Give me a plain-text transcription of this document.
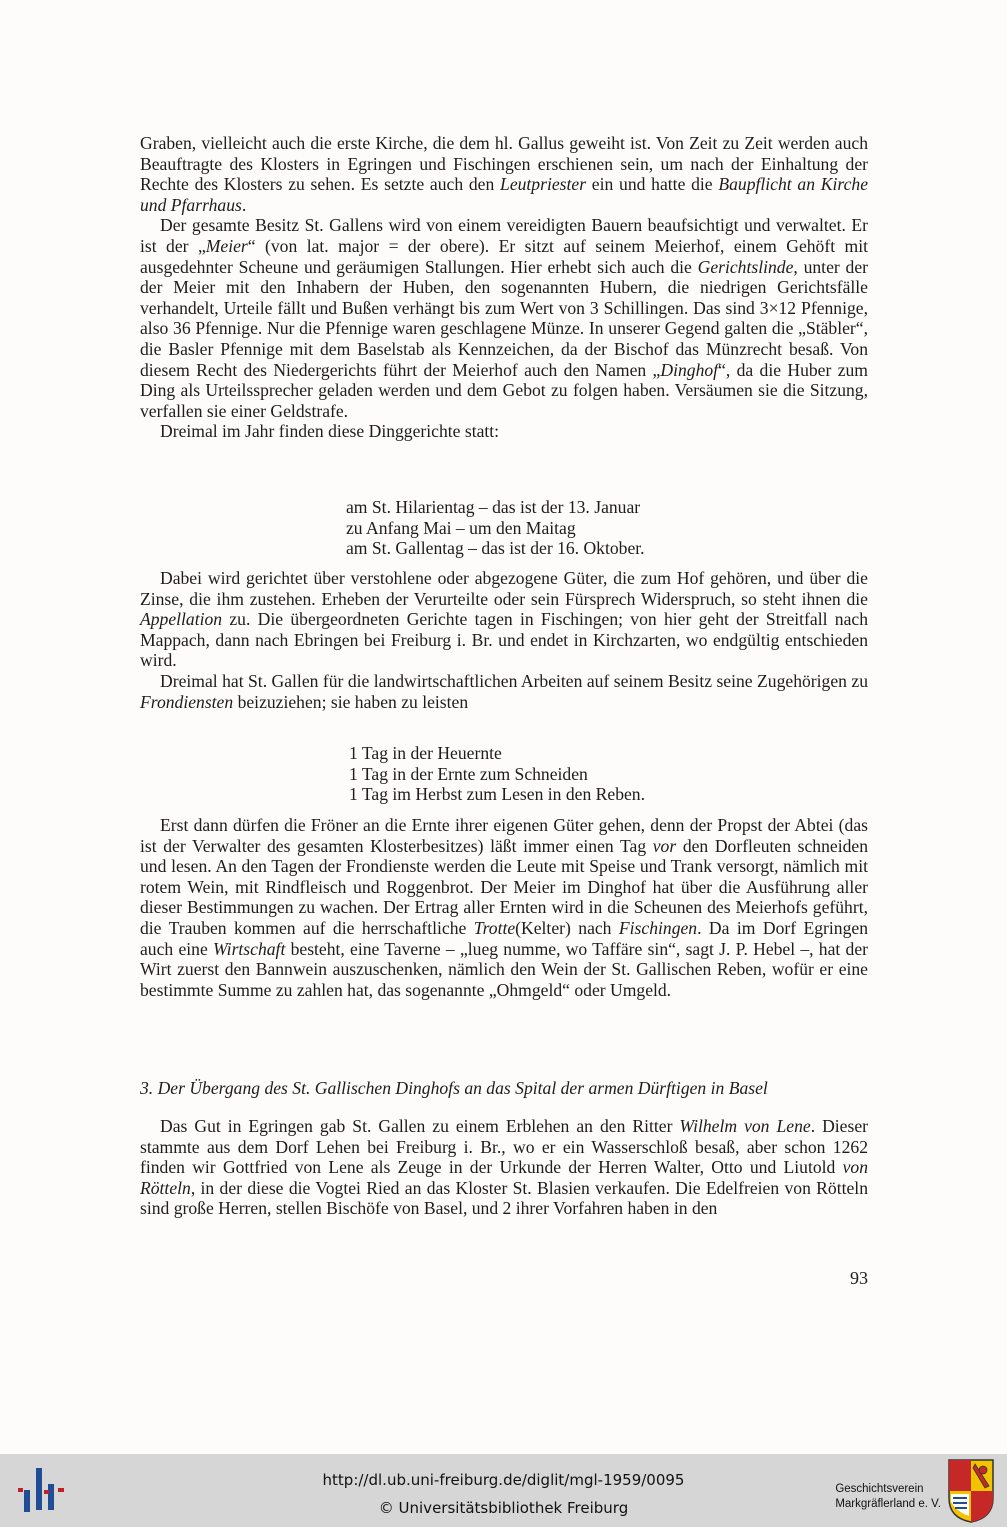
Graben, vielleicht auch die erste Kirche, die dem hl. Gallus geweiht ist. Von Zeit zu Zeit werden auch Beauftragte des Klosters in Egringen und Fischingen erschienen sein, um nach der Einhaltung der Rechte des Klosters zu sehen. Es setzte auch den Leutpriester ein und hatte die Baupflicht an Kirche und Pfarrhaus.

Der gesamte Besitz St. Gallens wird von einem vereidigten Bauern beaufsichtigt und verwaltet. Er ist der „Meier“ (von lat. major = der obere). Er sitzt auf seinem Meierhof, einem Gehöft mit ausgedehnter Scheune und geräumigen Stallungen. Hier erhebt sich auch die Gerichtslinde, unter der der Meier mit den Inhabern der Huben, den sogenannten Hubern, die niedrigen Gerichtsfälle verhandelt, Urteile fällt und Bußen verhängt bis zum Wert von 3 Schillingen. Das sind 3×12 Pfennige, also 36 Pfennige. Nur die Pfennige waren geschlagene Münze. In unserer Gegend galten die „Stäbler“, die Basler Pfennige mit dem Baselstab als Kennzeichen, da der Bischof das Münzrecht besaß. Von diesem Recht des Niedergerichts führt der Meierhof auch den Namen „Dinghof“, da die Huber zum Ding als Urteilssprecher geladen werden und dem Gebot zu folgen haben. Versäumen sie die Sitzung, verfallen sie einer Geldstrafe.

Dreimal im Jahr finden diese Dinggerichte statt:

am St. Hilarientag – das ist der 13. Januar
zu Anfang Mai – um den Maitag
am St. Gallentag – das ist der 16. Oktober.

Dabei wird gerichtet über verstohlene oder abgezogene Güter, die zum Hof gehören, und über die Zinse, die ihm zustehen. Erheben der Verurteilte oder sein Fürsprech Widerspruch, so steht ihnen die Appellation zu. Die übergeordneten Gerichte tagen in Fischingen; von hier geht der Streitfall nach Mappach, dann nach Ebringen bei Freiburg i. Br. und endet in Kirchzarten, wo endgültig entschieden wird.

Dreimal hat St. Gallen für die landwirtschaftlichen Arbeiten auf seinem Besitz seine Zugehörigen zu Frondiensten beizuziehen; sie haben zu leisten

1 Tag in der Heuernte
1 Tag in der Ernte zum Schneiden
1 Tag im Herbst zum Lesen in den Reben.

Erst dann dürfen die Fröner an die Ernte ihrer eigenen Güter gehen, denn der Propst der Abtei (das ist der Verwalter des gesamten Klosterbesitzes) läßt immer einen Tag vor den Dorfleuten schneiden und lesen. An den Tagen der Frondienste werden die Leute mit Speise und Trank versorgt, nämlich mit rotem Wein, mit Rindfleisch und Roggenbrot. Der Meier im Dinghof hat über die Ausführung aller dieser Bestimmungen zu wachen. Der Ertrag aller Ernten wird in die Scheunen des Meierhofs geführt, die Trauben kommen auf die herrschaftliche Trotte(Kelter) nach Fischingen. Da im Dorf Egringen auch eine Wirtschaft besteht, eine Taverne – „lueg numme, wo Taffäre sin“, sagt J. P. Hebel –, hat der Wirt zuerst den Bannwein auszuschenken, nämlich den Wein der St. Gallischen Reben, wofür er eine bestimmte Summe zu zahlen hat, das sogenannte „Ohmgeld“ oder Umgeld.

3. Der Übergang des St. Gallischen Dinghofs an das Spital der armen Dürftigen in Basel

Das Gut in Egringen gab St. Gallen zu einem Erblehen an den Ritter Wilhelm von Lene. Dieser stammte aus dem Dorf Lehen bei Freiburg i. Br., wo er ein Wasserschloß besaß, aber schon 1262 finden wir Gottfried von Lene als Zeuge in der Urkunde der Herren Walter, Otto und Liutold von Rötteln, in der diese die Vogtei Ried an das Kloster St. Blasien verkaufen. Die Edelfreien von Rötteln sind große Herren, stellen Bischöfe von Basel, und 2 ihrer Vorfahren haben in den

93
http://dl.ub.uni-freiburg.de/diglit/mgl-1959/0095
© Universitätsbibliothek Freiburg
Geschichtsverein
Markgräflerland e. V.
